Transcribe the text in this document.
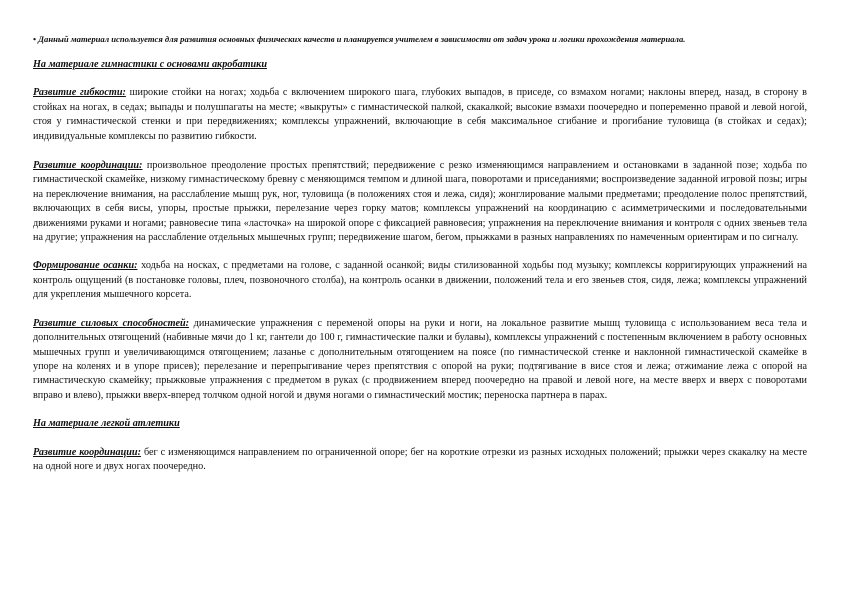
• Данный материал используется для развития основных физических качеств и планируется учителем в зависимости от задач урока и логики прохождения материала.
На материале гимнастики с основами акробатики
Развитие гибкости: широкие стойки на ногах; ходьба с включением широкого шага, глубоких выпадов, в приседе, со взмахом ногами; наклоны вперед, назад, в сторону в стойках на ногах, в седах; выпады и полушпагаты на месте; «выкруты» с гимнастической палкой, скакалкой; высокие взмахи поочередно и попеременно правой и левой ногой, стоя у гимнастической стенки и при передвижениях; комплексы упражнений, включающие в себя максимальное сгибание и прогибание туловища (в стойках и седах); индивидуальные комплексы по развитию гибкости.
Развитие координации: произвольное преодоление простых препятствий; передвижение с резко изменяющимся направлением и остановками в заданной позе; ходьба по гимнастической скамейке, низкому гимнастическому бревну с меняющимся темпом и длиной шага, поворотами и приседаниями; воспроизведение заданной игровой позы; игры на переключение внимания, на расслабление мышц рук, ног, туловища (в положениях стоя и лежа, сидя); жонглирование малыми предметами; преодоление полос препятствий, включающих в себя висы, упоры, простые прыжки, перелезание через горку матов; комплексы упражнений на координацию с асимметрическими и последовательными движениями руками и ногами; равновесие типа «ласточка» на широкой опоре с фиксацией равновесия; упражнения на переключение внимания и контроля с одних звеньев тела на другие; упражнения на расслабление отдельных мышечных групп; передвижение шагом, бегом, прыжками в разных направлениях по намеченным ориентирам и по сигналу.
Формирование осанки: ходьба на носках, с предметами на голове, с заданной осанкой; виды стилизованной ходьбы под музыку; комплексы корригирующих упражнений на контроль ощущений (в постановке головы, плеч, позвоночного столба), на контроль осанки в движении, положений тела и его звеньев стоя, сидя, лежа; комплексы упражнений для укрепления мышечного корсета.
Развитие силовых способностей: динамические упражнения с переменой опоры на руки и ноги, на локальное развитие мышц туловища с использованием веса тела и дополнительных отягощений (набивные мячи до 1 кг, гантели до 100 г, гимнастические палки и булавы), комплексы упражнений с постепенным включением в работу основных мышечных групп и увеличивающимся отягощением; лазанье с дополнительным отягощением на поясе (по гимнастической стенке и наклонной гимнастической скамейке в упоре на коленях и в упоре присев); перелезание и перепрыгивание через препятствия с опорой на руки; подтягивание в висе стоя и лежа; отжимание лежа с опорой на гимнастическую скамейку; прыжковые упражнения с предметом в руках (с продвижением вперед поочередно на правой и левой ноге, на месте вверх и вверх с поворотами вправо и влево), прыжки вверх-вперед толчком одной ногой и двумя ногами о гимнастический мостик; переноска партнера в парах.
На материале легкой атлетики
Развитие координации: бег с изменяющимся направлением по ограниченной опоре; бег на короткие отрезки из разных исходных положений; прыжки через скакалку на месте на одной ноге и двух ногах поочередно.
